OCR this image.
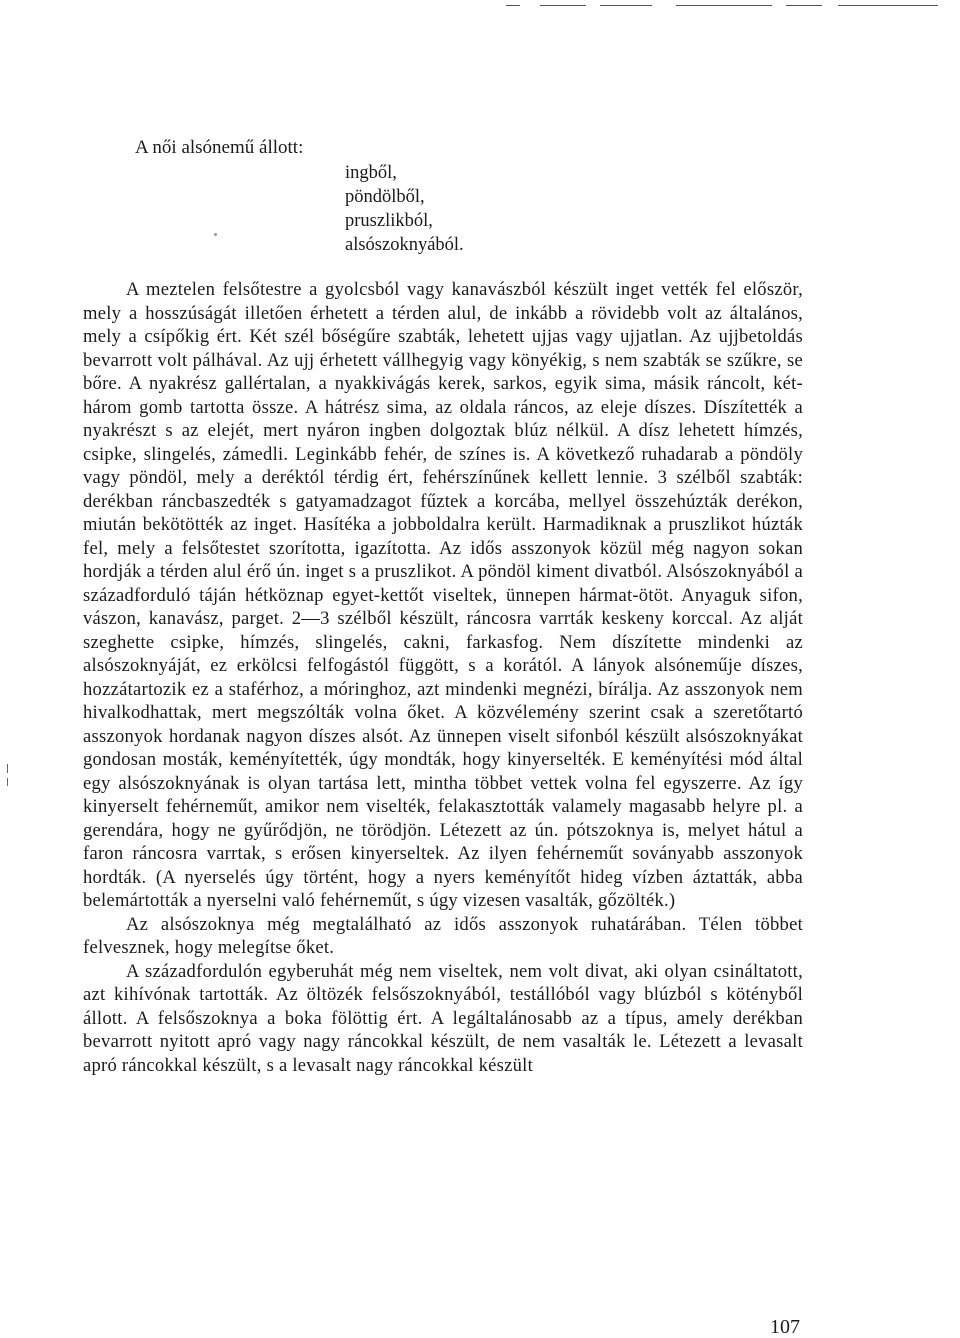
A női alsónemű állott:

ingből,
pöndölből,
pruszlikból,
alsószoknyából.

A meztelen felsőtestre a gyolcsból vagy kanavászból készült inget vették fel először, mely a hosszúságát illetően érhetett a térden alul, de inkább a rövidebb volt az általános, mely a csípőkig ért. Két szél bőségűre szabták, lehetett ujjas vagy ujjatlan. Az ujjbetoldás bevarrott volt pálhával. Az ujj érhetett vállhegyig vagy könyékig, s nem szabták se szűkre, se bőre. A nyakrész gallértalan, a nyakkivágás kerek, sarkos, egyik sima, másik ráncolt, két-három gomb tartotta össze. A hátrész sima, az oldala ráncos, az eleje díszes. Díszítették a nyakrészt s az elejét, mert nyáron ingben dolgoztak blúz nélkül. A dísz lehetett hímzés, csipke, slingelés, zámedli. Leginkább fehér, de színes is. A következő ruhadarab a pöndöly vagy pöndöl, mely a deréktól térdig ért, fehérszínűnek kellett lennie. 3 szélből szabták: derékban ráncbaszedték s gatyamadzagot fűztek a korcába, mellyel összehúzták derékon, miután bekötötték az inget. Hasítéka a jobboldalra került. Harmadiknak a pruszlikot húzták fel, mely a felsőtestet szorította, igazította. Az idős asszonyok közül még nagyon sokan hordják a térden alul érő ún. inget s a pruszlikot. A pöndöl kiment divatból. Alsószoknyából a századforduló táján hétköznap egyet-kettőt viseltek, ünnepen hármat-ötöt. Anyaguk sifon, vászon, kanavász, parget. 2—3 szélből készült, ráncosra varrták keskeny korccal. Az alját szeghette csipke, hímzés, slingelés, cakni, farkasfog. Nem díszítette mindenki az alsószoknyáját, ez erkölcsi felfogástól függött, s a korától. A lányok alsóneműje díszes, hozzátartozik ez a staférhoz, a móringhoz, azt mindenki megnézi, bírálja. Az asszonyok nem hivalkodhattak, mert megszólták volna őket. A közvélemény szerint csak a szeretőtartó asszonyok hordanak nagyon díszes alsót. Az ünnepen viselt sifonból készült alsószoknyákat gondosan mosták, keményítették, úgy mondták, hogy kinyerselték. E keményítési mód által egy alsószoknyának is olyan tartása lett, mintha többet vettek volna fel egyszerre. Az így kinyerselt fehérneműt, amikor nem viselték, felakasztották valamely magasabb helyre pl. a gerendára, hogy ne gyűrődjön, ne törödjön. Létezett az ún. pótszoknya is, melyet hátul a faron ráncosra varrtak, s erősen kinyerseltek. Az ilyen fehérneműt soványabb asszonyok hordták. (A nyerselés úgy történt, hogy a nyers keményítőt hideg vízben áztatták, abba belemártották a nyerselni való fehérneműt, s úgy vizesen vasalták, gőzölték.)

Az alsószoknya még megtalálható az idős asszonyok ruhatárában. Télen többet felvesznek, hogy melegítse őket.

A századfordulón egyberuhát még nem viseltek, nem volt divat, aki olyan csináltatott, azt kihívónak tartották. Az öltözék felsőszoknyából, testállóból vagy blúzból s kötényből állott. A felsőszoknya a boka fölöttig ért. A legáltalánosabb az a típus, amely derékban bevarrott nyitott apró vagy nagy ráncokkal készült, de nem vasalták le. Létezett a levasalt apró ráncokkal készült, s a levasalt nagy ráncokkal készült

107
